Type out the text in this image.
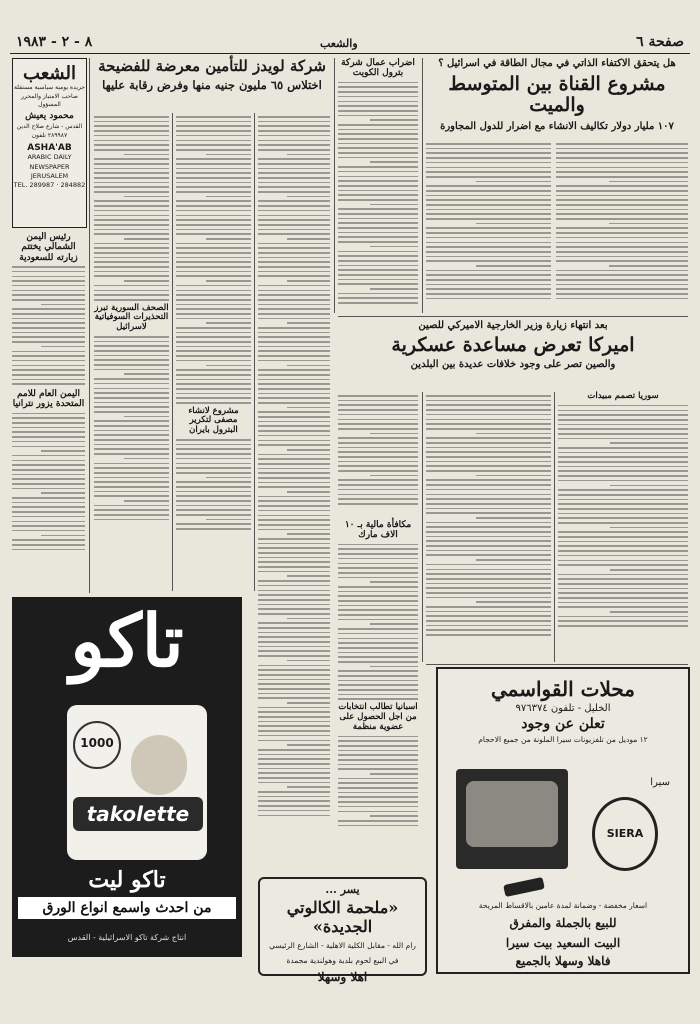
٨ - ٢ - ١٩٨٣	والشعب	صفحة ٦
الشعب
جريدة يومية سياسية مستقلة
صاحب الامتياز والمحرر المسؤول
محمود يعيش
القدس - شارع صلاح الدين
٢٨٩٩٨٧ تلفون
ASHA'AB
ARABIC DAILY
NEWSPAPER
JERUSALEM
TEL. 289987 · 284882
رئيس اليمن الشمالي يختتم زيارته للسعودية
اليمن العام للامم المتحدة يزور نترانيا
شركة لويدز للتأمين معرضة للفضيحة
اختلاس ٦٥ مليون جنيه منها وفرض رقابة عليها
الصحف السورية تبرز التحذيرات السوفياتية لاسرائيل
مشروع لانشاء مصفى لتكرير البترول بايران
اضراب عمال شركة بترول الكويت
هل يتحقق الاكتفاء الذاتي في مجال الطاقة في اسرائيل ؟
مشروع القناة بين المتوسط والميت
١٠٧ مليار دولار تكاليف الانشاء مع اضرار للدول المجاورة
بعد انتهاء زيارة وزير الخارجية الاميركي للصين
اميركا تعرض مساعدة عسكرية
والصين تصر على وجود خلافات عديدة بين البلدين
مكافأة مالية بـ ١٠ الاف مارك
اسبانيا تطالب انتخابات من اجل الحصول على عضوية منظمة
سوريا تصمم مبيدات
تاكو
1000
takolette
تاكو ليت
من احدث واسمع انواع الورق
انتاج شركة تاكو الاسرائيلية - القدس
يسر ...
«ملحمة الكالوتي الجديدة»
رام الله - مقابل الكلية الاهلية - الشارع الرئيسي
في البيع لحوم بلدية وهولندية مجمدة
اهلا وسهلا
محلات القواسمي
الخليل - تلفون ٩٧٦٣٧٤
تعلن عن وجود
١٢ موديل من تلفزيونات سيرا الملونة من جميع الاحجام
سيرا
SIERA
اسعار مخفضة - وضمانة لمدة عامين بالاقساط المريحة
للبيع بالجملة والمفرق
البيت السعيد بيت سيرا
فاهلا وسهلا بالجميع
